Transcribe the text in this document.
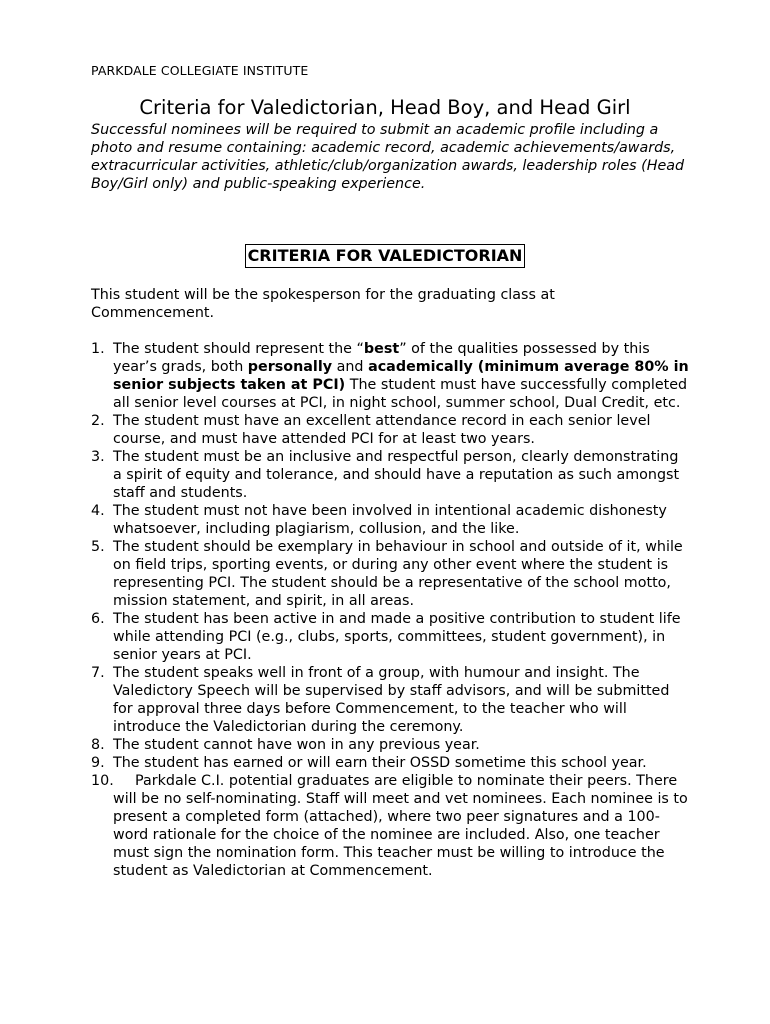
PARKDALE COLLEGIATE INSTITUTE
Criteria for Valedictorian, Head Boy, and Head Girl
Successful nominees will be required to submit an academic profile including a photo and resume containing: academic record, academic achievements/awards, extracurricular activities, athletic/club/organization awards, leadership roles (Head Boy/Girl only) and public-speaking experience.
CRITERIA FOR VALEDICTORIAN
This student will be the spokesperson for the graduating class at Commencement.
1. The student should represent the “best” of the qualities possessed by this year’s grads, both personally and academically (minimum average 80% in senior subjects taken at PCI) The student must have successfully completed all senior level courses at PCI, in night school, summer school, Dual Credit, etc.
2. The student must have an excellent attendance record in each senior level course, and must have attended PCI for at least two years.
3. The student must be an inclusive and respectful person, clearly demonstrating a spirit of equity and tolerance, and should have a reputation as such amongst staff and students.
4. The student must not have been involved in intentional academic dishonesty whatsoever, including plagiarism, collusion, and the like.
5. The student should be exemplary in behaviour in school and outside of it, while on field trips, sporting events, or during any other event where the student is representing PCI. The student should be a representative of the school motto, mission statement, and spirit, in all areas.
6. The student has been active in and made a positive contribution to student life while attending PCI (e.g., clubs, sports, committees, student government), in senior years at PCI.
7. The student speaks well in front of a group, with humour and insight. The Valedictory Speech will be supervised by staff advisors, and will be submitted for approval three days before Commencement, to the teacher who will introduce the Valedictorian during the ceremony.
8. The student cannot have won in any previous year.
9. The student has earned or will earn their OSSD sometime this school year.
10. Parkdale C.I. potential graduates are eligible to nominate their peers. There will be no self-nominating. Staff will meet and vet nominees. Each nominee is to present a completed form (attached), where two peer signatures and a 100-word rationale for the choice of the nominee are included. Also, one teacher must sign the nomination form. This teacher must be willing to introduce the student as Valedictorian at Commencement.
